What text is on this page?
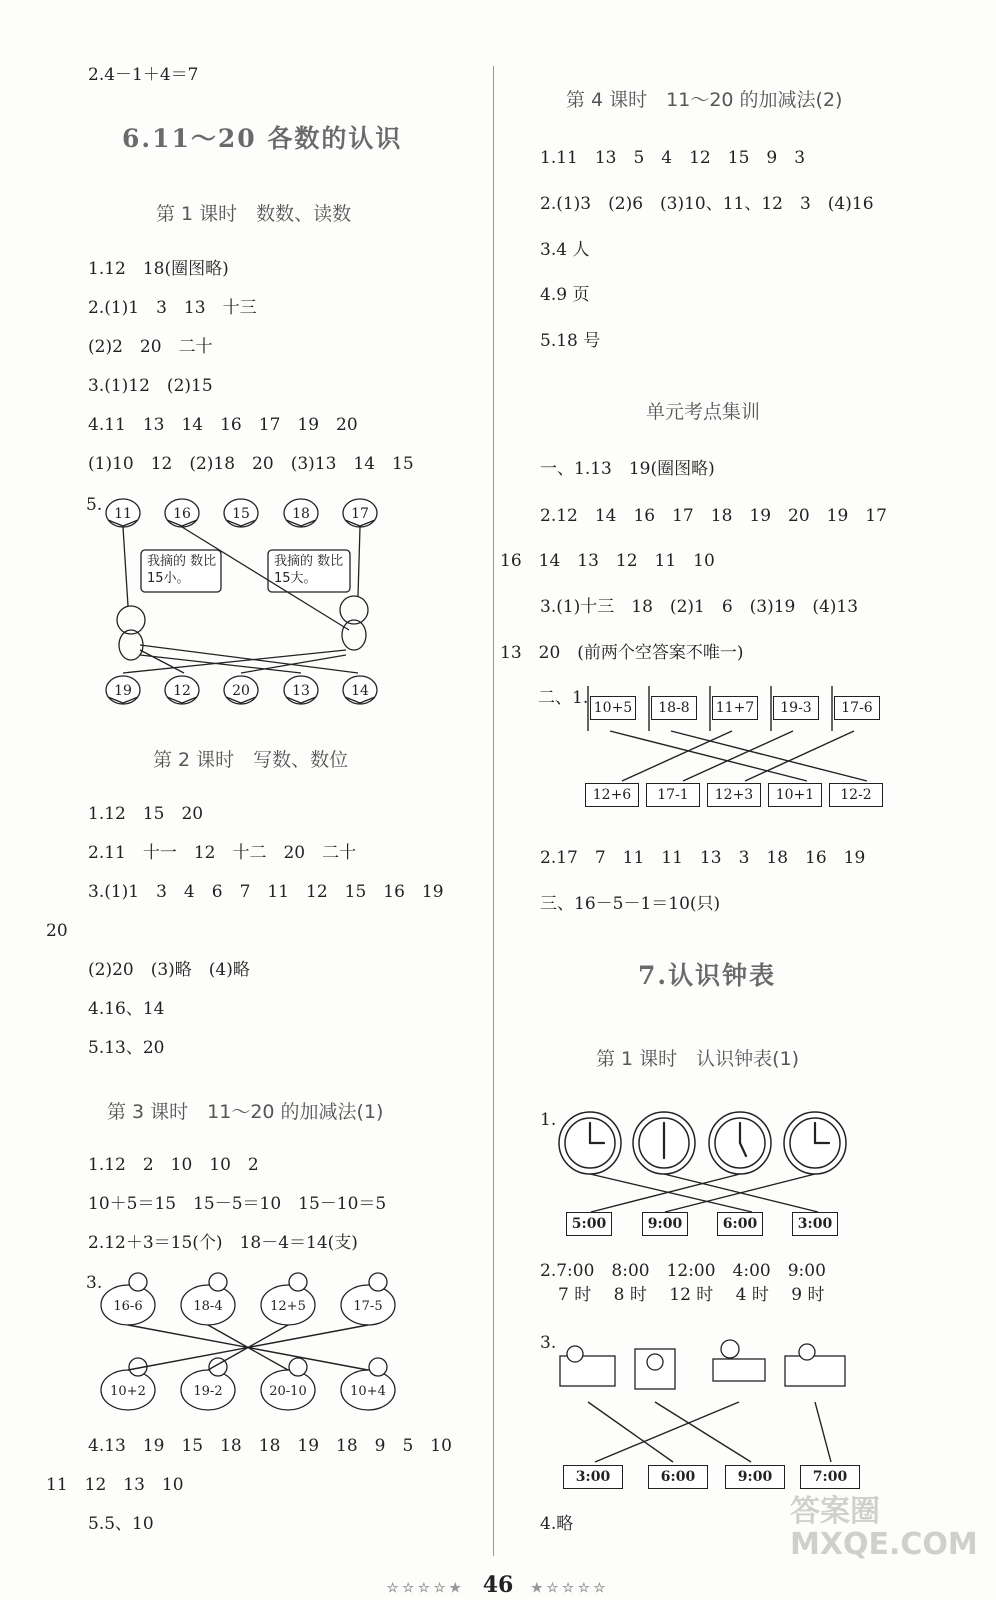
2.4－1＋4＝7
6.11～20 各数的认识
第 1 课时　数数、读数
1.12　18(圈图略)
2.(1)1　3　13　十三
(2)2　20　二十
3.(1)12　(2)15
4.11　13　14　16　17　19　20
(1)10　12　(2)18　20　(3)13　14　15
5. 11	16	15	18	17
19	12	20	13	14
我摘的 数比15小。
我摘的 数比15大。
第 2 课时　写数、数位
1.12　15　20
2.11　十一　12　十二　20　二十
3.(1)1　3　4　6　7　11　12　15　16　19
20
(2)20　(3)略　(4)略
4.16、14
5.13、20
第 3 课时　11～20 的加减法(1)
1.12　2　10　10　2
10＋5＝15　15－5＝10　15－10＝5
2.12＋3＝15(个)　18－4＝14(支)
3.
16-6	18-4	12+5	17-5
10+2	19-2	20-10	10+4
4.13　19　15　18　18　19　18　9　5　10
11　12　13　10
5.5、10
第 4 课时　11～20 的加减法(2)
1.11　13　5　4　12　15　9　3
2.(1)3　(2)6　(3)10、11、12　3　(4)16
3.4 人
4.9 页
5.18 号
单元考点集训
一、1.13　19(圈图略)
2.12　14　16　17　18　19　20　19　17
16　14　13　12　11　10
3.(1)十三　18　(2)1　6　(3)19　(4)13
13　20　(前两个空答案不唯一)
二、1. 10+5	18-8	11+7	19-3	17-6
12+6	17-1	12+3	10+1	12-2
2.17　7　11　11　13　3　18　16　19
三、16－5－1＝10(只)
7.认识钟表
第 1 课时　认识钟表(1)
1.
5:00	9:00	6:00	3:00
2.7:00　8:00　12:00　4:00　9:00
7 时　 8 时　 12 时　 4 时　 9 时
3.
3:00	6:00	9:00	7:00
4.略	答案圈 MXQE.COM
☆☆☆☆★ 46 ★☆☆☆☆
